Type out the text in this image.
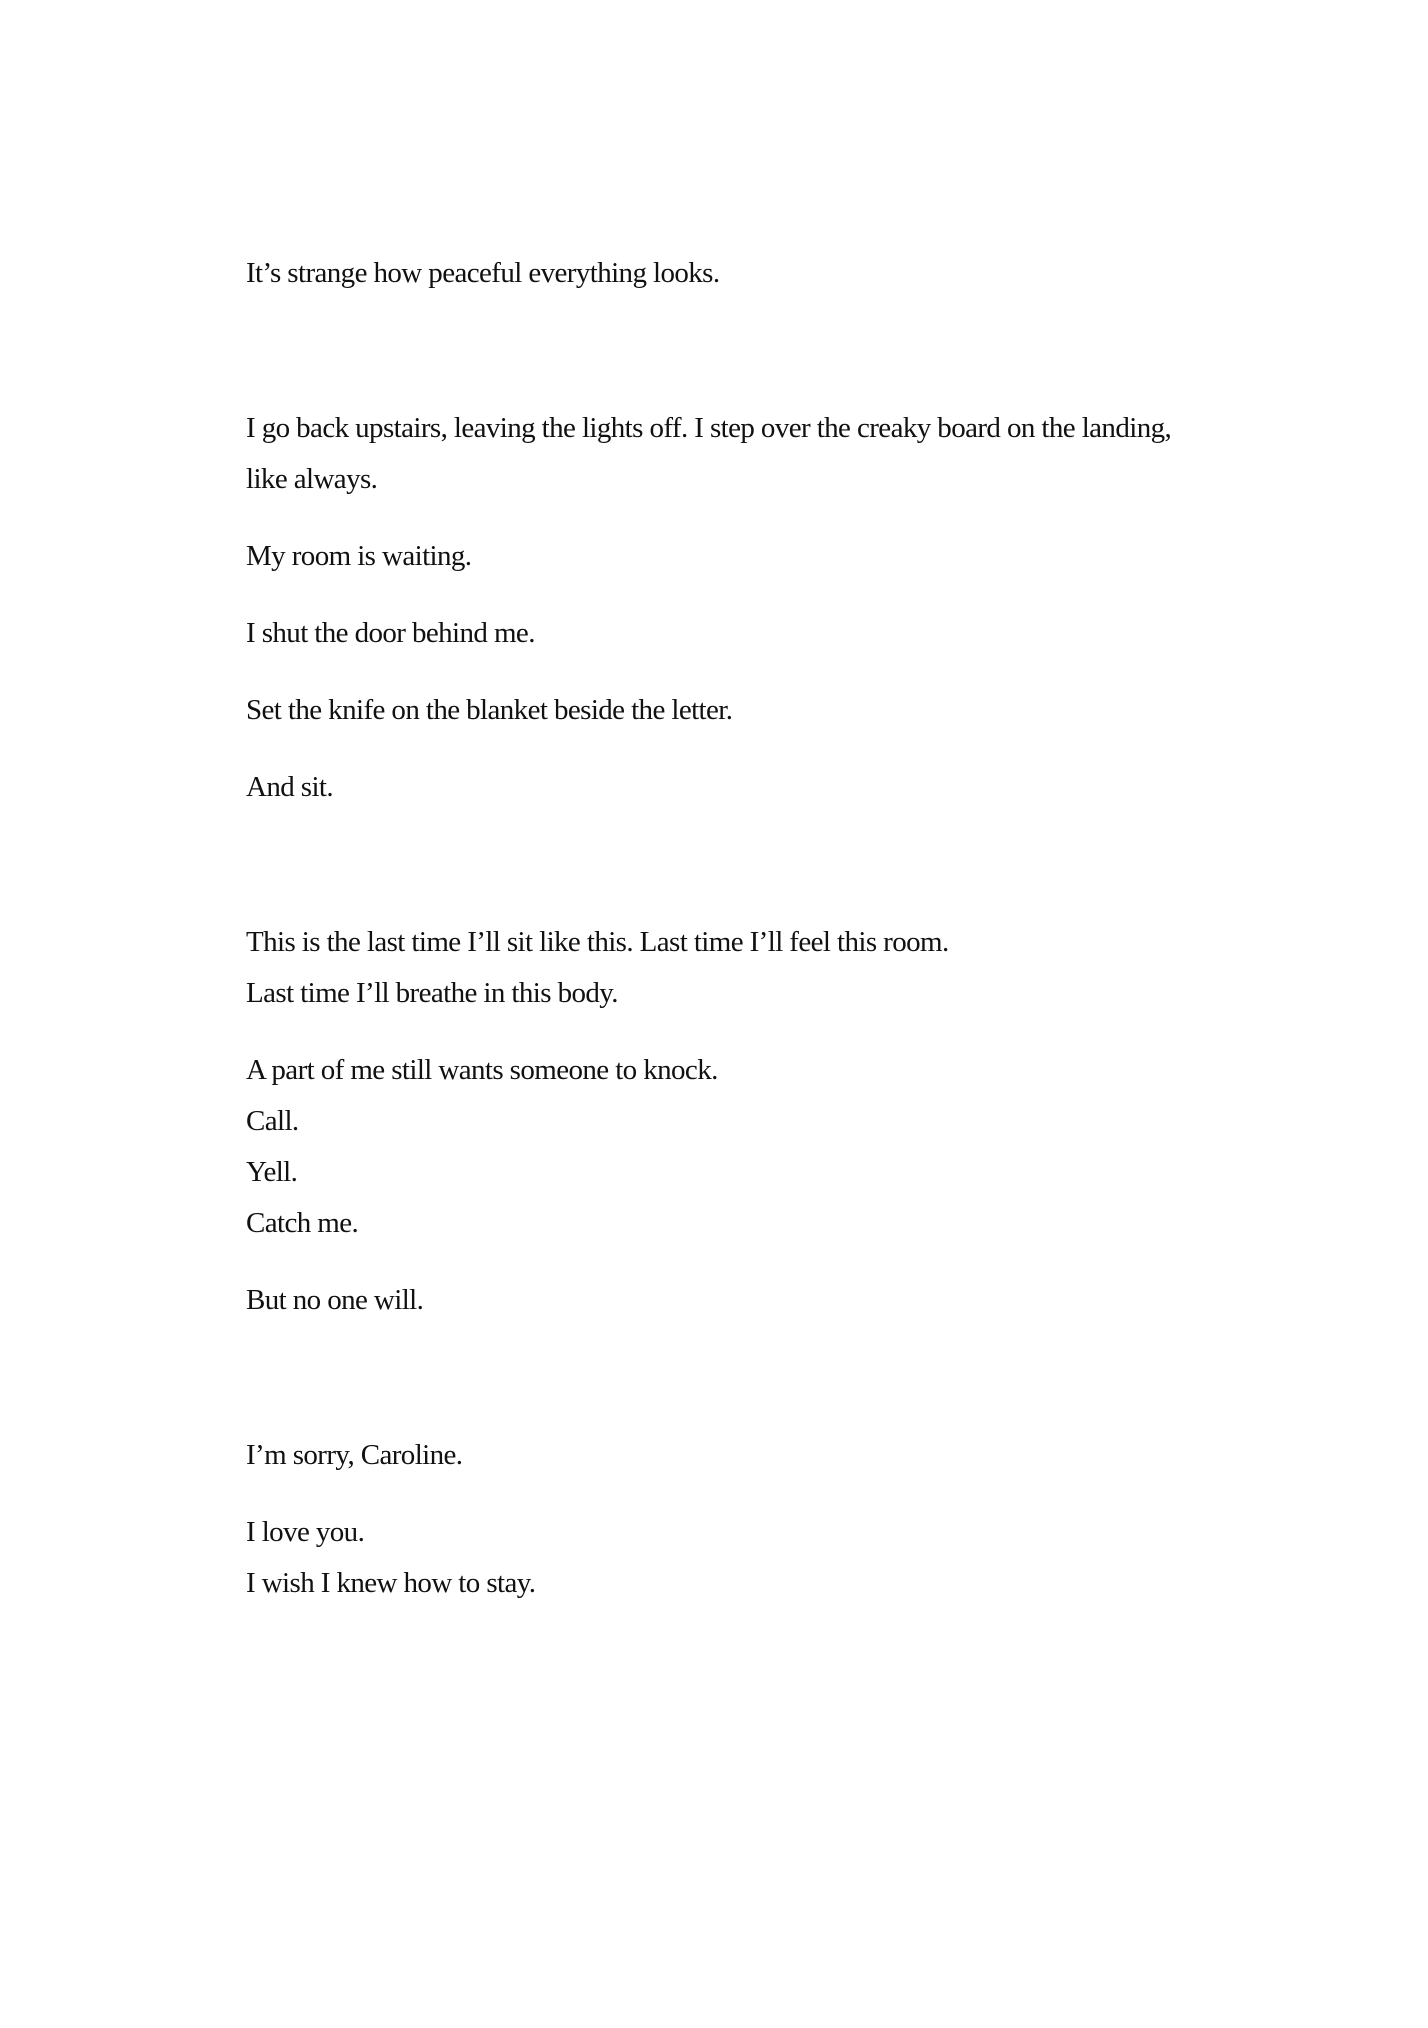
It’s strange how peaceful everything looks.

I go back upstairs, leaving the lights off. I step over the creaky board on the landing,
like always.

My room is waiting.

I shut the door behind me.

Set the knife on the blanket beside the letter.

And sit.

This is the last time I’ll sit like this. Last time I’ll feel this room.
Last time I’ll breathe in this body.

A part of me still wants someone to knock.
Call.
Yell.
Catch me.

But no one will.

I’m sorry, Caroline.

I love you.
I wish I knew how to stay.
